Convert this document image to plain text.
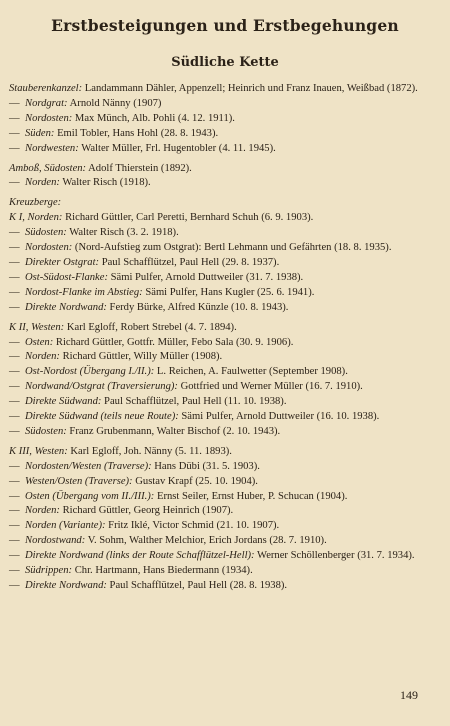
Erstbesteigungen und Erstbegehungen
Südliche Kette
Stauberenkanzel: Landammann Dähler, Appenzell; Heinrich und Franz Inauen, Weißbad (1872).
— Nordgrat: Arnold Nänny (1907)
— Nordosten: Max Münch, Alb. Pohli (4. 12. 1911).
— Süden: Emil Tobler, Hans Hohl (28. 8. 1943).
— Nordwesten: Walter Müller, Frl. Hugentobler (4. 11. 1945).
Amboß, Südosten: Adolf Thierstein (1892).
— Norden: Walter Risch (1918).
Kreuzberge:
K I, Norden: Richard Güttler, Carl Peretti, Bernhard Schuh (6. 9. 1903).
— Südosten: Walter Risch (3. 2. 1918).
— Nordosten: (Nord-Aufstieg zum Ostgrat): Bertl Lehmann und Gefährten (18. 8. 1935).
— Direkter Ostgrat: Paul Schafflützel, Paul Hell (29. 8. 1937).
— Ost-Südost-Flanke: Sämi Pulfer, Arnold Duttweiler (31. 7. 1938).
— Nordost-Flanke im Abstieg: Sämi Pulfer, Hans Kugler (25. 6. 1941).
— Direkte Nordwand: Ferdy Bürke, Alfred Künzle (10. 8. 1943).
K II, Westen: Karl Egloff, Robert Strebel (4. 7. 1894).
— Osten: Richard Güttler, Gottfr. Müller, Febo Sala (30. 9. 1906).
— Norden: Richard Güttler, Willy Müller (1908).
— Ost-Nordost (Übergang I./II.): L. Reichen, A. Faulwetter (September 1908).
— Nordwand/Ostgrat (Traversierung): Gottfried und Werner Müller (16. 7. 1910).
— Direkte Südwand: Paul Schafflützel, Paul Hell (11. 10. 1938).
— Direkte Südwand (teils neue Route): Sämi Pulfer, Arnold Duttweiler (16. 10. 1938).
— Südosten: Franz Grubenmann, Walter Bischof (2. 10. 1943).
K III, Westen: Karl Egloff, Joh. Nänny (5. 11. 1893).
— Nordosten/Westen (Traverse): Hans Dübi (31. 5. 1903).
— Westen/Osten (Traverse): Gustav Krapf (25. 10. 1904).
— Osten (Übergang vom II./III.): Ernst Seiler, Ernst Huber, P. Schucan (1904).
— Norden: Richard Güttler, Georg Heinrich (1907).
— Norden (Variante): Fritz Iklé, Victor Schmid (21. 10. 1907).
— Nordostwand: V. Sohm, Walther Melchior, Erich Jordans (28. 7. 1910).
— Direkte Nordwand (links der Route Schafflützel-Hell): Werner Schöllenberger (31. 7. 1934).
— Südrippen: Chr. Hartmann, Hans Biedermann (1934).
— Direkte Nordwand: Paul Schafflützel, Paul Hell (28. 8. 1938).
149
